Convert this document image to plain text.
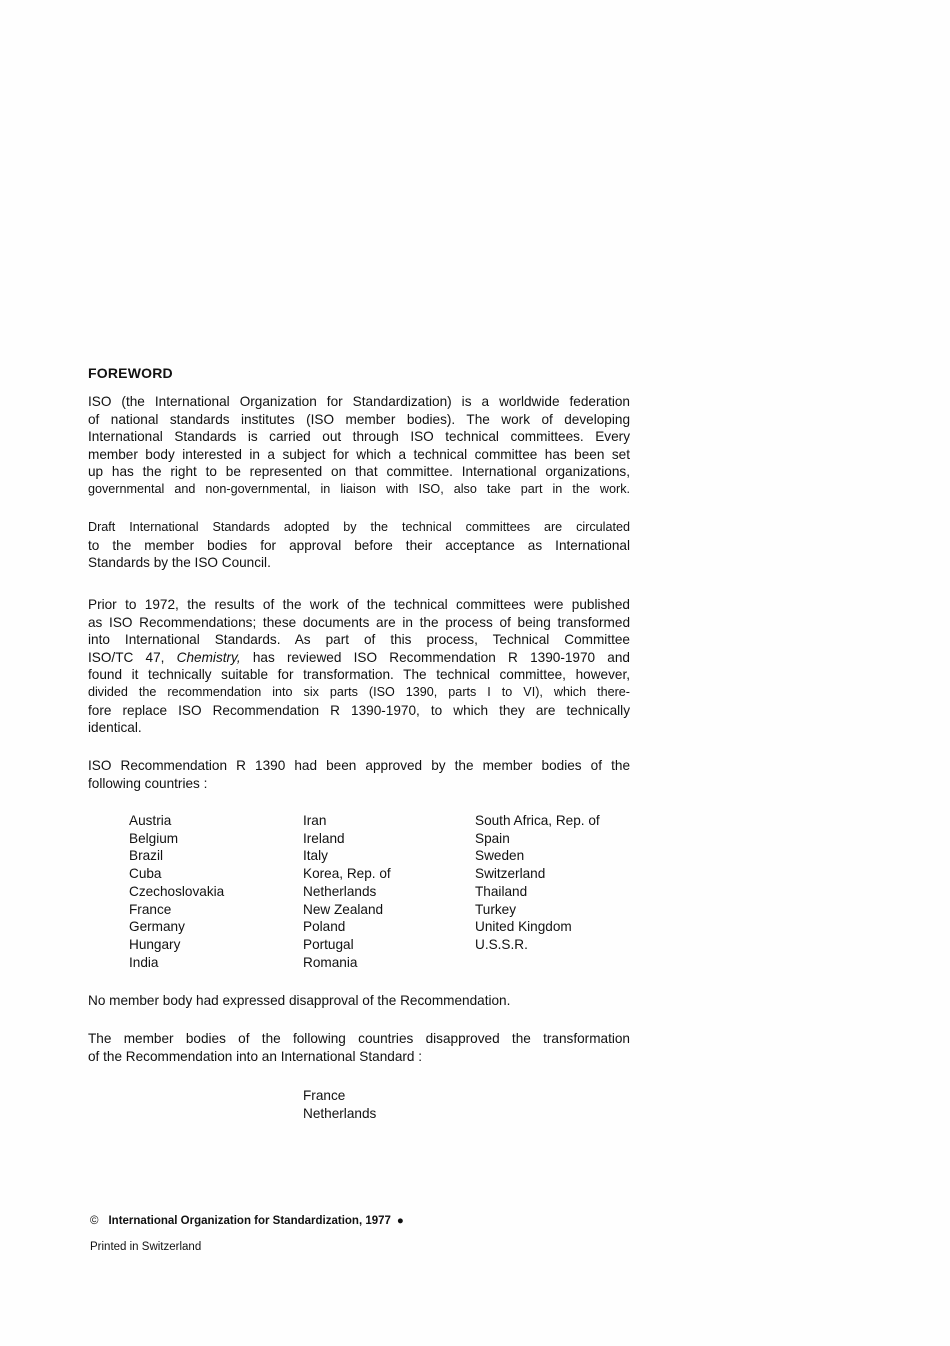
FOREWORD
ISO (the International Organization for Standardization) is a worldwide federation
of national standards institutes (ISO member bodies). The work of developing
International Standards is carried out through ISO technical committees. Every
member body interested in a subject for which a technical committee has been set
up has the right to be represented on that committee. International organizations,
governmental and non-governmental, in liaison with ISO, also take part in the work.
Draft International Standards adopted by the technical committees are circulated
to the member bodies for approval before their acceptance as International
Standards by the ISO Council.
Prior to 1972, the results of the work of the technical committees were published
as ISO Recommendations; these documents are in the process of being transformed
into International Standards. As part of this process, Technical Committee
ISO/TC 47, Chemistry, has reviewed ISO Recommendation R 1390-1970 and
found it technically suitable for transformation. The technical committee, however,
divided the recommendation into six parts (ISO 1390, parts I to VI), which there-
fore replace ISO Recommendation R 1390-1970, to which they are technically
identical.
ISO Recommendation R 1390 had been approved by the member bodies of the
following countries :
Austria
Belgium
Brazil
Cuba
Czechoslovakia
France
Germany
Hungary
India
Iran
Ireland
Italy
Korea, Rep. of
Netherlands
New Zealand
Poland
Portugal
Romania
South Africa, Rep. of
Spain
Sweden
Switzerland
Thailand
Turkey
United Kingdom
U.S.S.R.
No member body had expressed disapproval of the Recommendation.
The member bodies of the following countries disapproved the transformation
of the Recommendation into an International Standard :
France
Netherlands
© International Organization for Standardization, 1977 ●
Printed in Switzerland
